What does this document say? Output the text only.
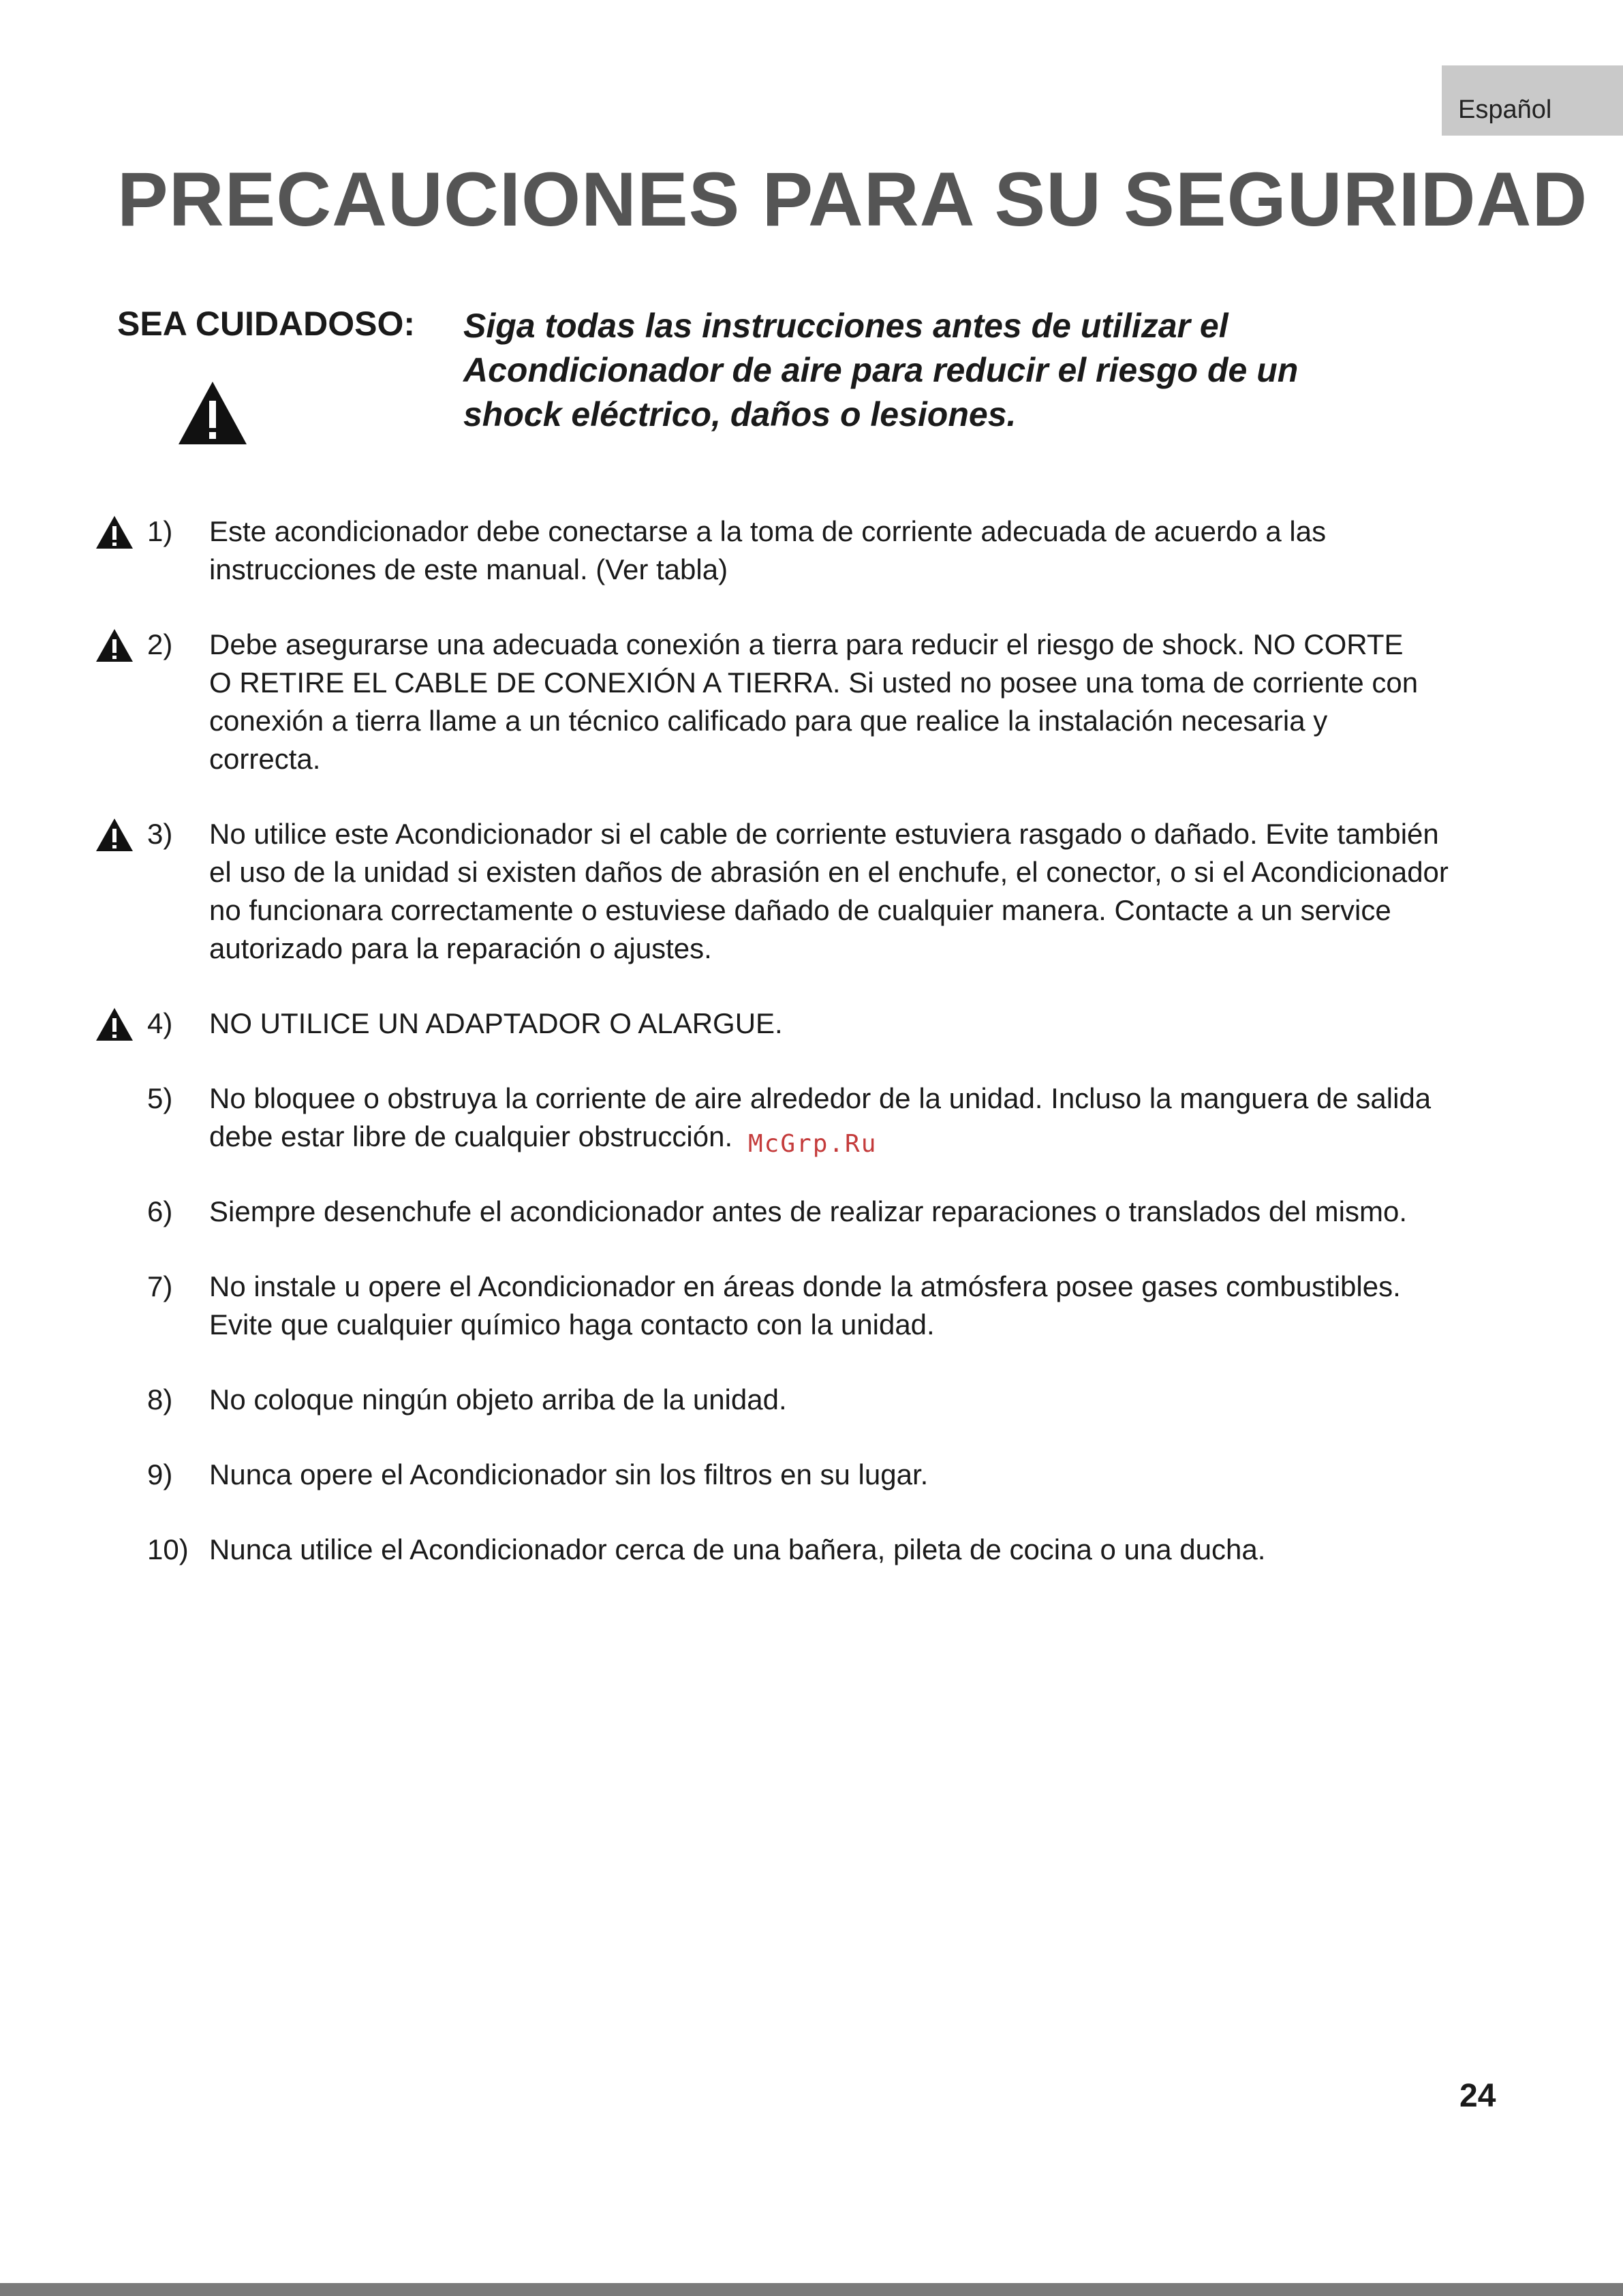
Español
PRECAUCIONES PARA SU SEGURIDAD
SEA CUIDADOSO: Siga todas las instrucciones antes de utilizar el
Acondicionador de aire para reducir el riesgo de un
shock eléctrico, daños o lesiones.
1)	Este acondicionador debe conectarse a la toma de corriente adecuada de acuerdo a las
instrucciones de este manual. (Ver tabla)
2)	Debe asegurarse una adecuada conexión a tierra para reducir el riesgo de shock. NO CORTE
O RETIRE EL CABLE DE CONEXIÓN A TIERRA. Si usted no posee una toma de corriente con
conexión a tierra llame a un técnico calificado para que realice la instalación necesaria y
correcta.
3)	No utilice este Acondicionador si el cable de corriente estuviera rasgado o dañado. Evite también
el uso de la unidad si existen daños de abrasión en el enchufe, el conector, o si el Acondicionador
no funcionara correctamente o estuviese dañado de cualquier manera. Contacte a un service
autorizado para la reparación o ajustes.
4)	NO UTILICE UN ADAPTADOR O ALARGUE.
5)	No bloquee o obstruya la corriente de aire alrededor de la unidad. Incluso la manguera de salida
debe estar libre de cualquier obstrucción.
6)	Siempre desenchufe el acondicionador antes de realizar reparaciones o translados del mismo.
7)	No instale u opere el Acondicionador en áreas donde la atmósfera posee gases combustibles.
Evite que cualquier químico haga contacto con la unidad.
8)	No coloque ningún objeto arriba de la unidad.
9)	Nunca opere el Acondicionador sin los filtros en su lugar.
10) Nunca utilice el Acondicionador cerca de una bañera, pileta de cocina o una ducha.
McGrp.Ru
24
